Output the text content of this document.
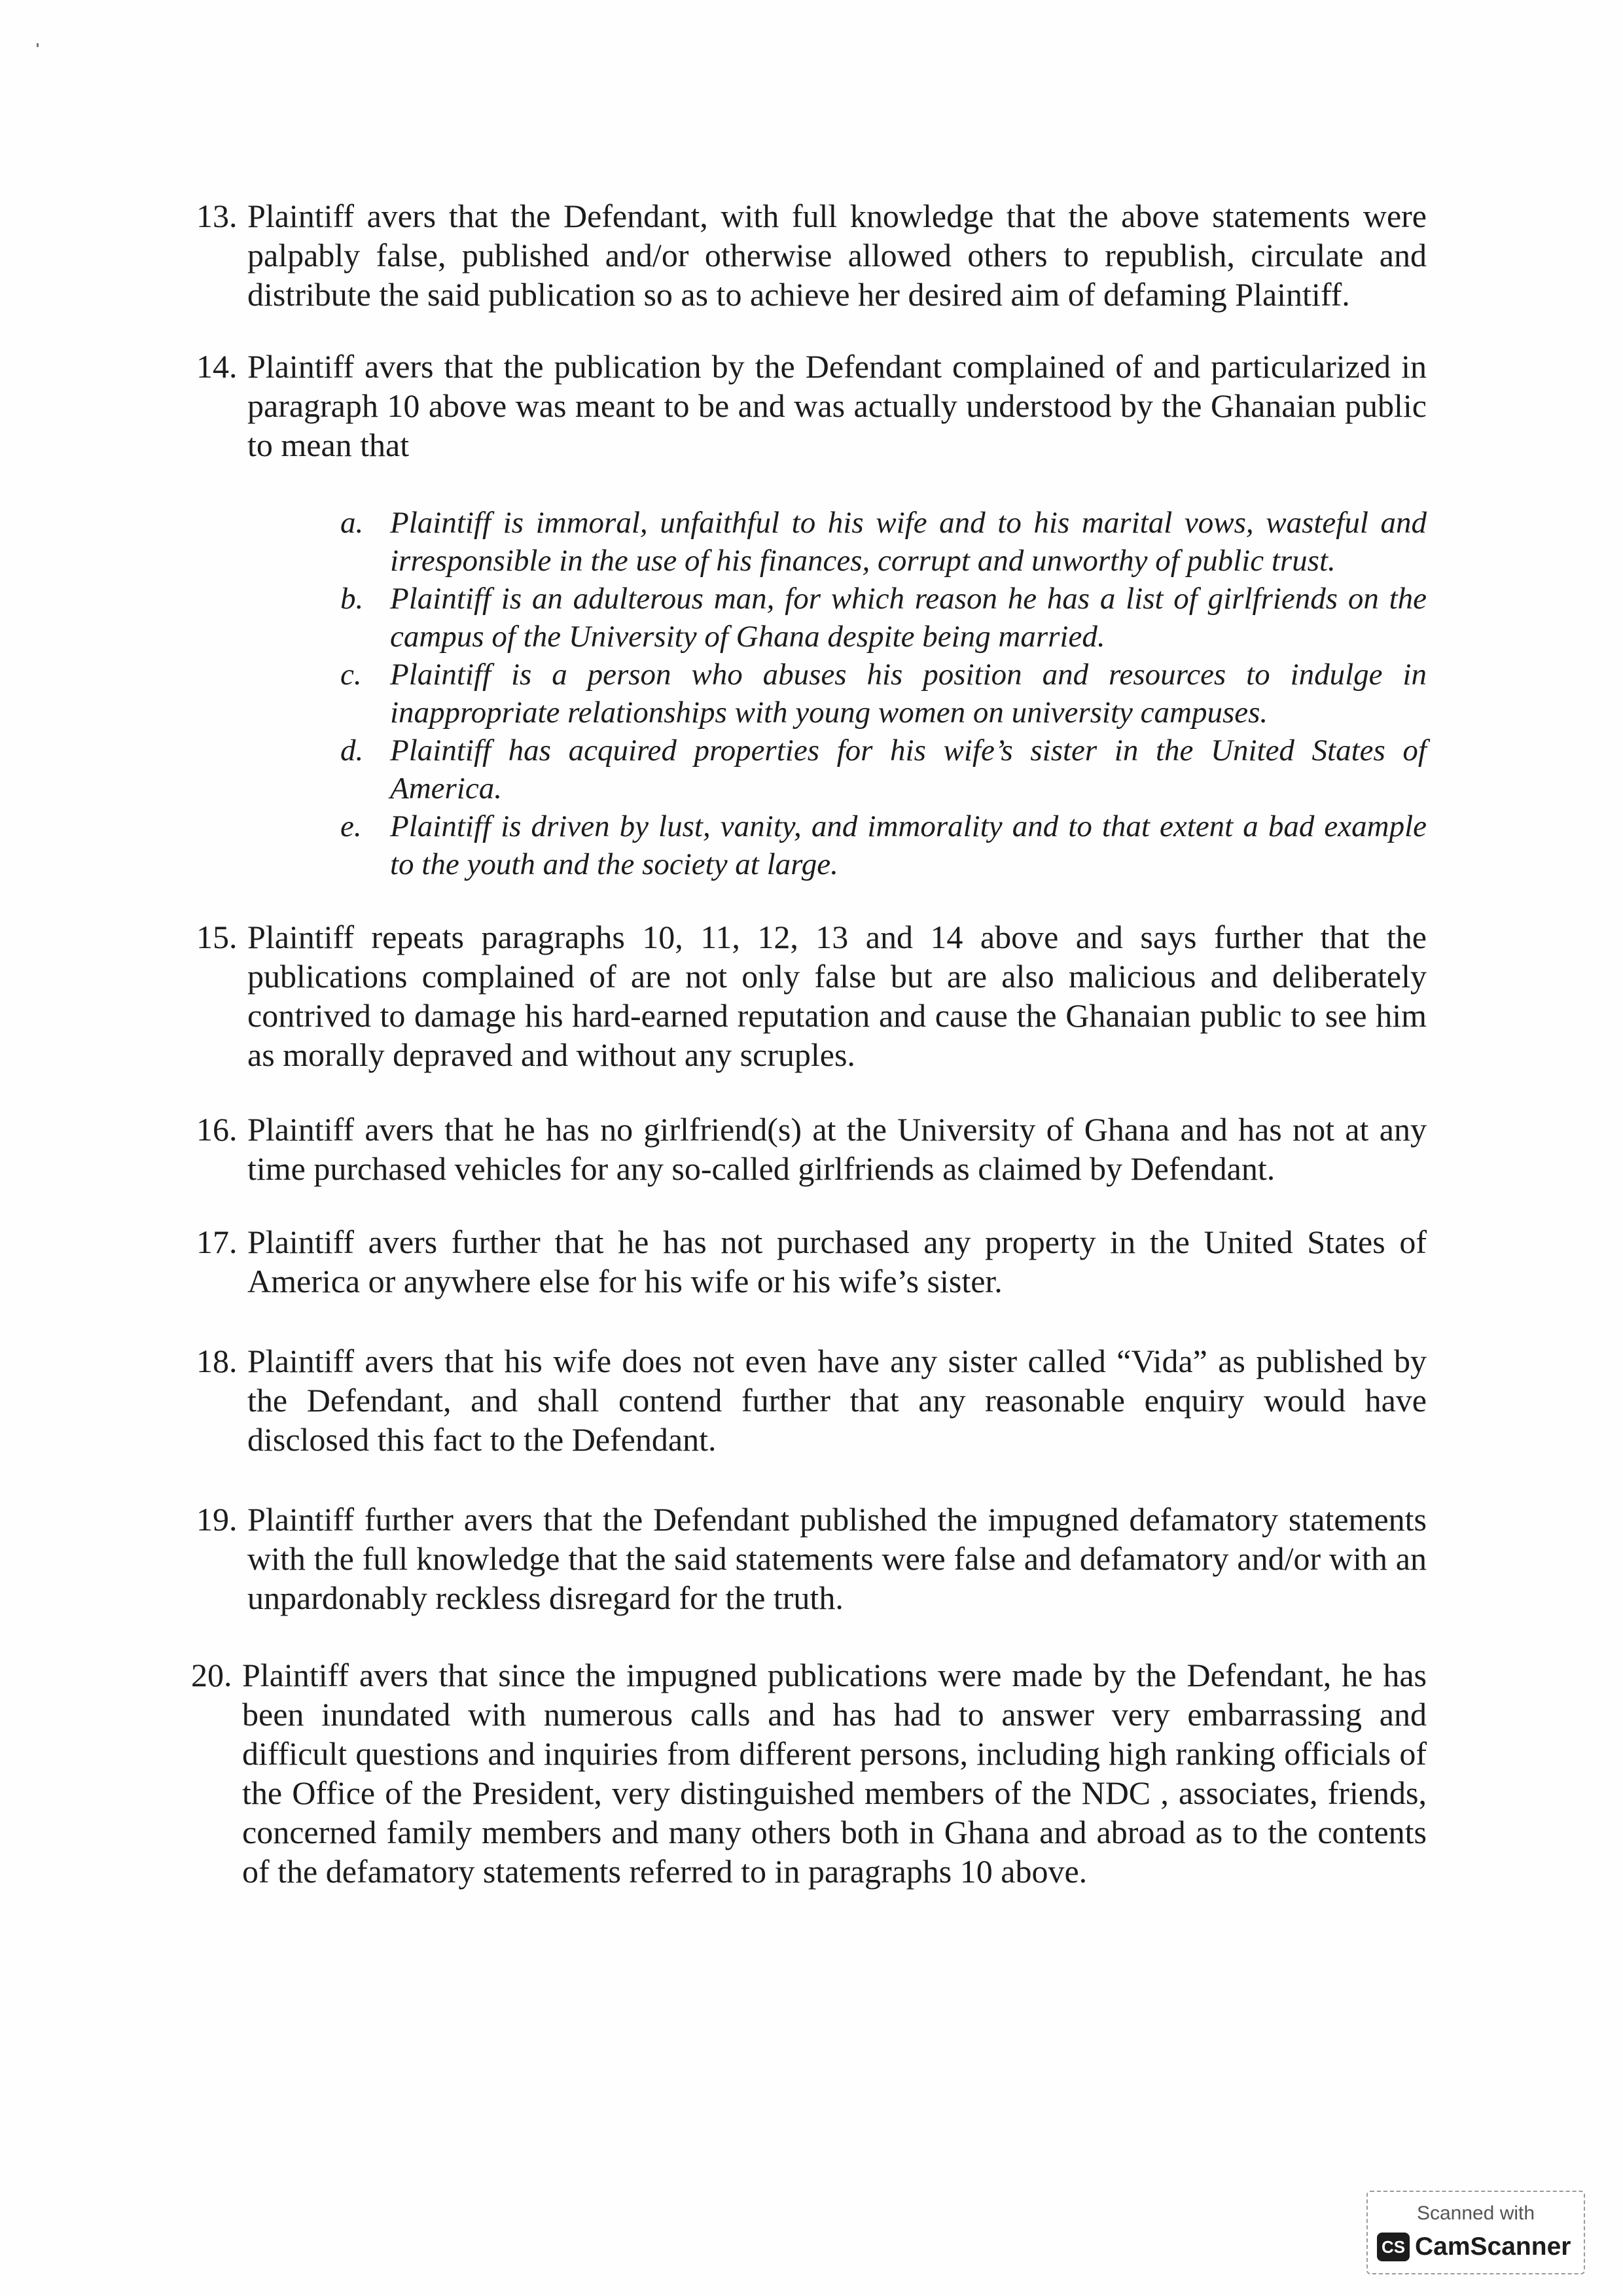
13. Plaintiff avers that the Defendant, with full knowledge that the above statements were palpably false, published and/or otherwise allowed others to republish, circulate and distribute the said publication so as to achieve her desired aim of defaming Plaintiff.
14. Plaintiff avers that the publication by the Defendant complained of and particularized in paragraph 10 above was meant to be and was actually understood by the Ghanaian public to mean that
a. Plaintiff is immoral, unfaithful to his wife and to his marital vows, wasteful and irresponsible in the use of his finances, corrupt and unworthy of public trust.
b. Plaintiff is an adulterous man, for which reason he has a list of girlfriends on the campus of the University of Ghana despite being married.
c. Plaintiff is a person who abuses his position and resources to indulge in inappropriate relationships with young women on university campuses.
d. Plaintiff has acquired properties for his wife’s sister in the United States of America.
e. Plaintiff is driven by lust, vanity, and immorality and to that extent a bad example to the youth and the society at large.
15. Plaintiff repeats paragraphs 10, 11, 12, 13 and 14 above and says further that the publications complained of are not only false but are also malicious and deliberately contrived to damage his hard-earned reputation and cause the Ghanaian public to see him as morally depraved and without any scruples.
16. Plaintiff avers that he has no girlfriend(s) at the University of Ghana and has not at any time purchased vehicles for any so-called girlfriends as claimed by Defendant.
17. Plaintiff avers further that he has not purchased any property in the United States of America or anywhere else for his wife or his wife’s sister.
18. Plaintiff avers that his wife does not even have any sister called “Vida” as published by the Defendant, and shall contend further that any reasonable enquiry would have disclosed this fact to the Defendant.
19. Plaintiff further avers that the Defendant published the impugned defamatory statements with the full knowledge that the said statements were false and defamatory and/or with an unpardonably reckless disregard for the truth.
20. Plaintiff avers that since the impugned publications were made by the Defendant, he has been inundated with numerous calls and has had to answer very embarrassing and difficult questions and inquiries from different persons, including high ranking officials of the Office of the President, very distinguished members of the NDC , associates, friends, concerned family members and many others both in Ghana and abroad as to the contents of the defamatory statements referred to in paragraphs 10 above.
Scanned with
CS CamScanner
